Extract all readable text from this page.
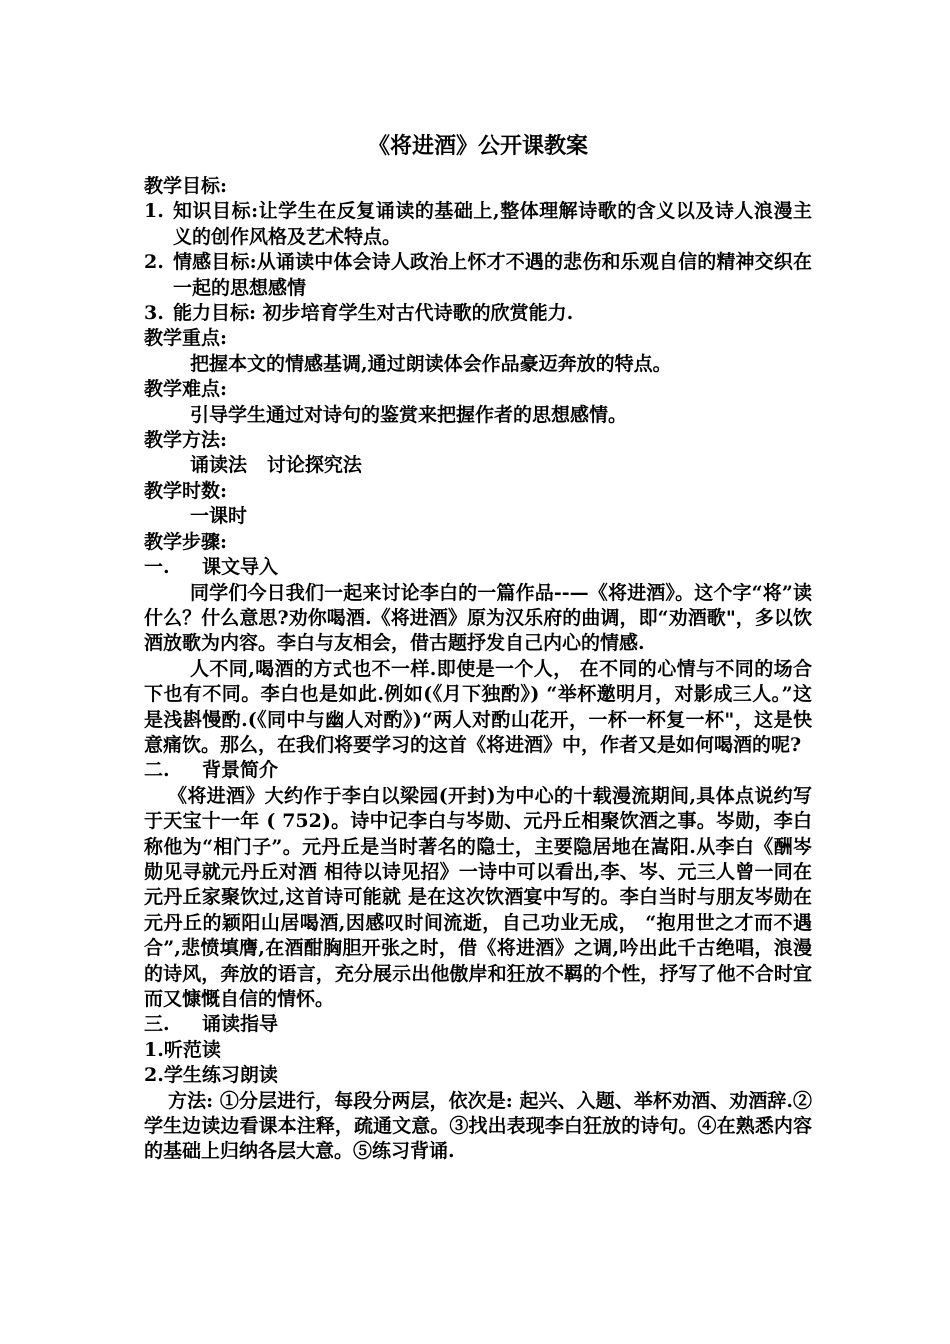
《将进酒》公开课教案

教学目标:

1. 知识目标:让学生在反复诵读的基础上,整体理解诗歌的含义以及诗人浪漫主义的创作风格及艺术特点。
2. 情感目标:从诵读中体会诗人政治上怀才不遇的悲伤和乐观自信的精神交织在一起的思想感情
3. 能力目标: 初步培育学生对古代诗歌的欣赏能力.

教学重点:

把握本文的情感基调,通过朗读体会作品豪迈奔放的特点。

教学难点:

引导学生通过对诗句的鉴赏来把握作者的思想感情。

教学方法:

诵读法   讨论探究法

教学时数:

一课时

教学步骤:

一. 课文导入

同学们今日我们一起来讨论李白的一篇作品--—《将进酒》。这个字“将”读什么？什么意思?劝你喝酒.《将进酒》原为汉乐府的曲调，即“劝酒歌"，多以饮酒放歌为内容。李白与友相会，借古题抒发自己内心的情感.

人不同,喝酒的方式也不一样.即使是一个人， 在不同的心情与不同的场合下也有不同。李白也是如此.例如(《月下独酌》) “举杯邀明月，对影成三人。”这是浅斟慢酌.(《同中与幽人对酌》)“两人对酌山花开，一杯一杯复一杯"，这是快意痛饮。那么，在我们将要学习的这首《将进酒》中，作者又是如何喝酒的呢?

二. 背景简介

《将进酒》大约作于李白以梁园(开封)为中心的十载漫流期间,具体点说约写于天宝十一年 ( 752)。诗中记李白与岑勋、元丹丘相聚饮酒之事。岑勋，李白称他为“相门子”。元丹丘是当时著名的隐士，主要隐居地在嵩阳.从李白《酬岑勋见寻就元丹丘对酒 相待以诗见招》一诗中可以看出,李、岑、元三人曾一同在元丹丘家聚饮过,这首诗可能就 是在这次饮酒宴中写的。李白当时与朋友岑勋在元丹丘的颖阳山居喝酒,因感叹时间流逝，自己功业无成， “抱用世之才而不遇合”,悲愤填膺,在酒酣胸胆开张之时，借《将进酒》之调,吟出此千古绝唱，浪漫的诗风，奔放的语言，充分展示出他傲岸和狂放不羁的个性，抒写了他不合时宜而又慷慨自信的情怀。

三. 诵读指导

1.听范读

2.学生练习朗读

方法: ①分层进行，每段分两层，依次是: 起兴、入题、举杯劝酒、劝酒辞.② 学生边读边看课本注释，疏通文意。③找出表现李白狂放的诗句。④在熟悉内容的基础上归纳各层大意。⑤练习背诵.
